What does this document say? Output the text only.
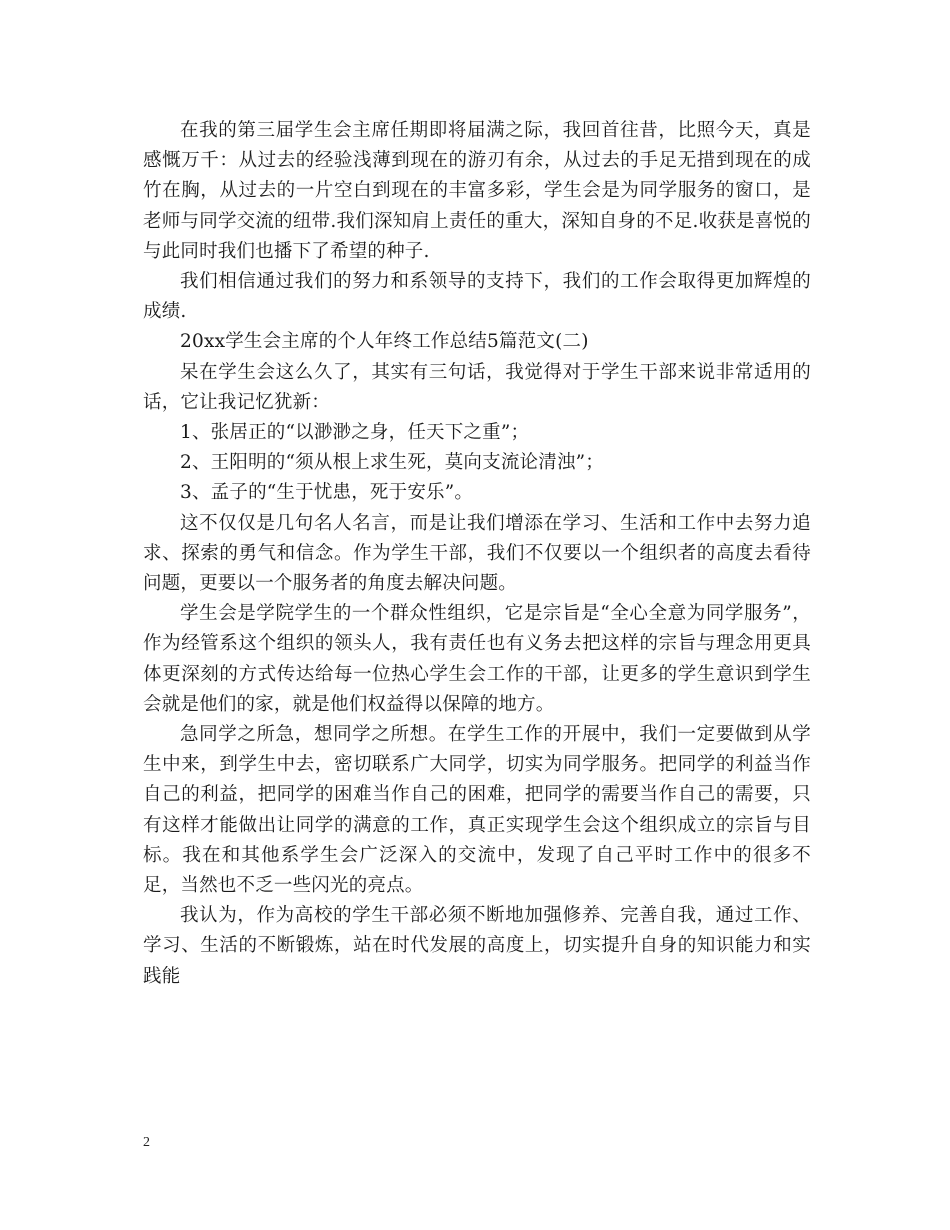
在我的第三届学生会主席任期即将届满之际，我回首往昔，比照今天，真是感慨万千：从过去的经验浅薄到现在的游刃有余，从过去的手足无措到现在的成竹在胸，从过去的一片空白到现在的丰富多彩，学生会是为同学服务的窗口，是老师与同学交流的纽带.我们深知肩上责任的重大，深知自身的不足.收获是喜悦的与此同时我们也播下了希望的种子.

我们相信通过我们的努力和系领导的支持下，我们的工作会取得更加辉煌的成绩.

20xx学生会主席的个人年终工作总结5篇范文(二)

呆在学生会这么久了，其实有三句话，我觉得对于学生干部来说非常适用的话，它让我记忆犹新：

1、张居正的“以渺渺之身，任天下之重”；

2、王阳明的“须从根上求生死，莫向支流论清浊”；

3、孟子的“生于忧患，死于安乐”。

这不仅仅是几句名人名言，而是让我们增添在学习、生活和工作中去努力追求、探索的勇气和信念。作为学生干部，我们不仅要以一个组织者的高度去看待问题，更要以一个服务者的角度去解决问题。

学生会是学院学生的一个群众性组织，它是宗旨是“全心全意为同学服务”，作为经管系这个组织的领头人，我有责任也有义务去把这样的宗旨与理念用更具体更深刻的方式传达给每一位热心学生会工作的干部，让更多的学生意识到学生会就是他们的家，就是他们权益得以保障的地方。

急同学之所急，想同学之所想。在学生工作的开展中，我们一定要做到从学生中来，到学生中去，密切联系广大同学，切实为同学服务。把同学的利益当作自己的利益，把同学的困难当作自己的困难，把同学的需要当作自己的需要，只有这样才能做出让同学的满意的工作，真正实现学生会这个组织成立的宗旨与目标。我在和其他系学生会广泛深入的交流中，发现了自己平时工作中的很多不足，当然也不乏一些闪光的亮点。

我认为，作为高校的学生干部必须不断地加强修养、完善自我，通过工作、学习、生活的不断锻炼，站在时代发展的高度上，切实提升自身的知识能力和实践能

2
